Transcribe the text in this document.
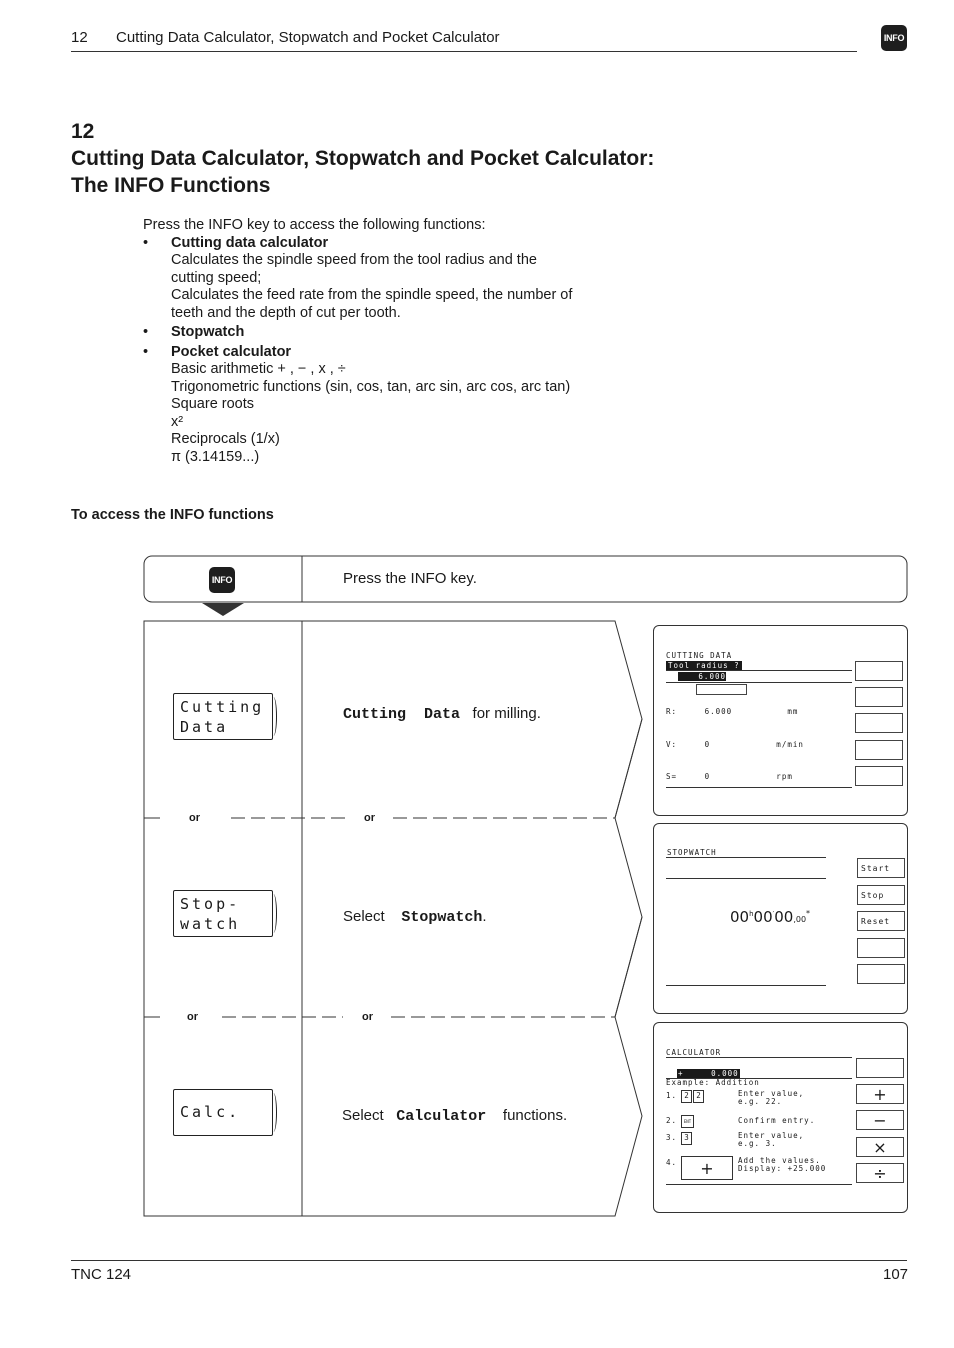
12 Cutting Data Calculator, Stopwatch and Pocket Calculator	INFO
12
Cutting Data Calculator, Stopwatch and Pocket Calculator:
The INFO Functions
Press the INFO key to access the following functions:
• Cutting data calculator
Calculates the spindle speed from the tool radius and the
cutting speed;
Calculates the feed rate from the spindle speed, the number of
teeth and the depth of cut per tooth.
• Stopwatch
• Pocket calculator
Basic arithmetic + , − , x , ÷
Trigonometric functions (sin, cos, tan, arc sin, arc cos, arc tan)
Square roots
x²
Reciprocals (1/x)
π (3.14159...)
To access the INFO functions
INFO	Press the INFO key.
Cutting
Data
Cutting  Data for milling.
or	or
Stop-
watch	Select Stopwatch.
or	or
Calc.	Select Calculator functions.
CUTTING DATA
Tool radius ?
6.000

R:     6.000          mm

V:     0            m/min

S=     0            rpm

STOPWATCH
00$^h$00′00,00*
Start
Stop
Reset
CALCULATOR
+     0.000
Example: Addition
1. 2 2	Enter value,
e.g. 22.
2.	ENT	Confirm entry.
3. 3	Enter value,
e.g. 3.
4.	+	Add the values.
Display: +25.000
+
−
×
÷
TNC 124	107
